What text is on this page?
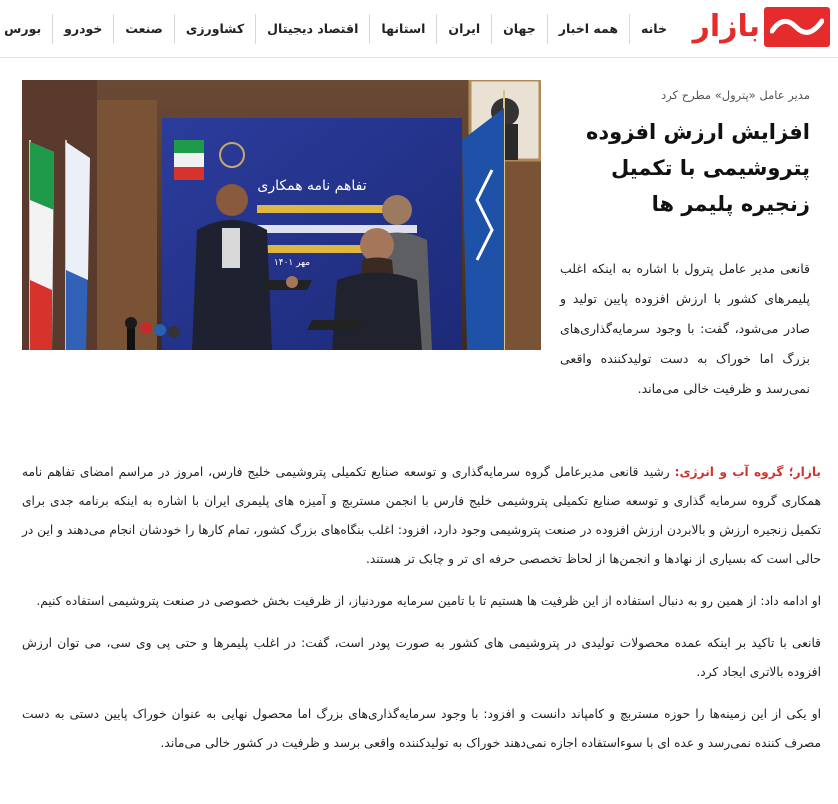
بازار
خانه
همه اخبار
جهان
ایران
استانها
اقتصاد دیجیتال
کشاورزی
صنعت
خودرو
بورس
تفاهم نامه همکاری
مهر ۱۴۰۱
مدیر عامل «پترول» مطرح کرد
افزایش ارزش افزوده پتروشیمی با تکمیل زنجیره پلیمر ها

قانعی مدیر عامل پترول با اشاره به اینکه اغلب پلیمرهای کشور با ارزش افزوده پایین تولید و صادر می‌شود، گفت: با وجود سرمایه‌گذاری‌های بزرگ اما خوراک به دست تولیدکننده واقعی نمی‌رسد و ظرفیت خالی می‌ماند.

بازار؛ گروه آب و انرژی: رشید قانعی مدیرعامل گروه سرمایه‌گذاری و توسعه صنایع تکمیلی پتروشیمی خلیج فارس، امروز در مراسم امضای تفاهم نامه همکاری گروه سرمایه گذاری و توسعه صنایع تکمیلی پتروشیمی خلیج فارس با انجمن مستربچ و آمیزه های پلیمری ایران با اشاره به اینکه برنامه جدی برای تکمیل زنجیره ارزش و بالابردن ارزش افزوده در صنعت پتروشیمی وجود دارد، افزود: اغلب بنگاه‌های بزرگ کشور، تمام کارها را خودشان انجام می‌دهند و این در حالی است که بسیاری از نهادها و انجمن‌ها از لحاظ تخصصی حرفه ای تر و چابک تر هستند.

او ادامه داد: از همین رو به دنبال استفاده از این ظرفیت ها هستیم تا با تامین سرمایه موردنیاز، از ظرفیت بخش خصوصی در صنعت پتروشیمی استفاده کنیم.

قانعی با تاکید بر اینکه عمده محصولات تولیدی در پتروشیمی های کشور به صورت پودر است، گفت: در اغلب پلیمرها و حتی پی وی سی، می توان ارزش افزوده بالاتری ایجاد کرد.

او یکی از این زمینه‌ها را حوزه مستربچ و کامپاند دانست و افزود: با وجود سرمایه‌گذاری‌های بزرگ اما محصول نهایی به عنوان خوراک پایین دستی به دست مصرف کننده نمی‌رسد و عده ای با سوءاستفاده اجازه نمی‌دهند خوراک به تولیدکننده واقعی برسد و ظرفیت در کشور خالی می‌ماند.
